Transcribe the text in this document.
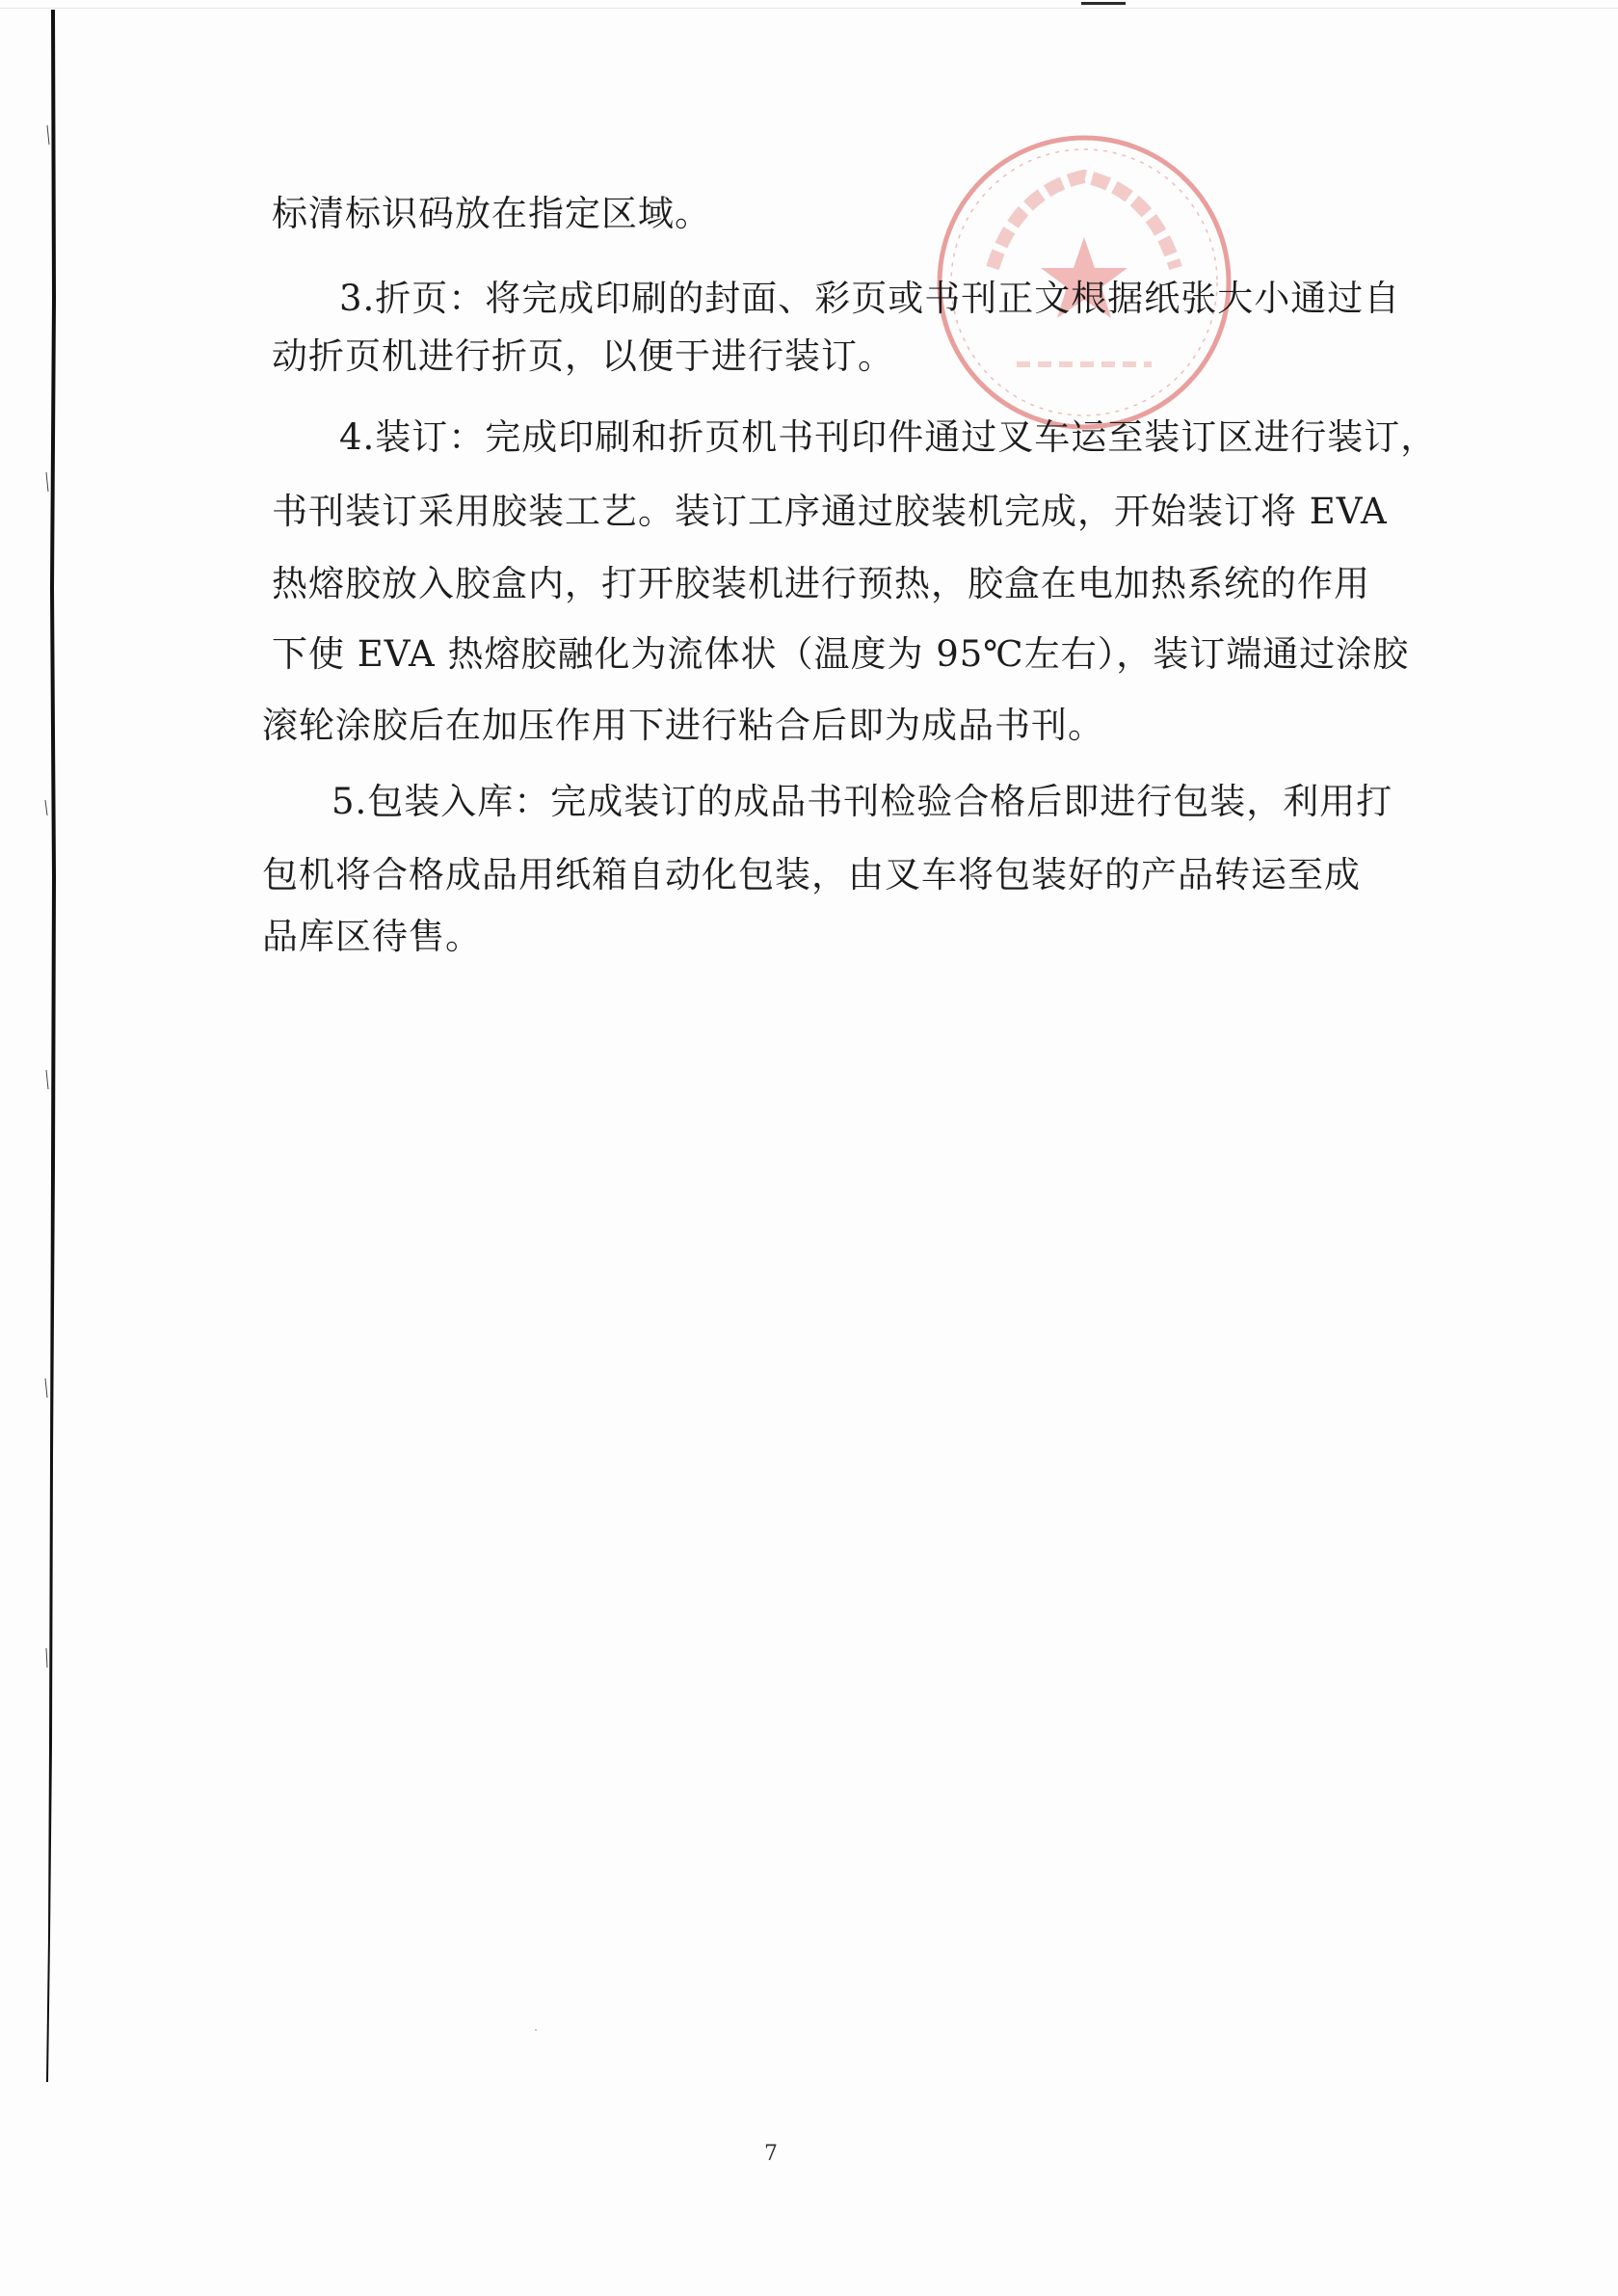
标清标识码放在指定区域。
3.折页：将完成印刷的封面、彩页或书刊正文根据纸张大小通过自
动折页机进行折页，以便于进行装订。
4.装订：完成印刷和折页机书刊印件通过叉车运至装订区进行装订，
书刊装订采用胶装工艺。装订工序通过胶装机完成，开始装订将 EVA
热熔胶放入胶盒内，打开胶装机进行预热，胶盒在电加热系统的作用
下使 EVA 热熔胶融化为流体状（温度为 95℃左右），装订端通过涂胶
滚轮涂胶后在加压作用下进行粘合后即为成品书刊。
5.包装入库：完成装订的成品书刊检验合格后即进行包装，利用打
包机将合格成品用纸箱自动化包装，由叉车将包装好的产品转运至成
品库区待售。
7
